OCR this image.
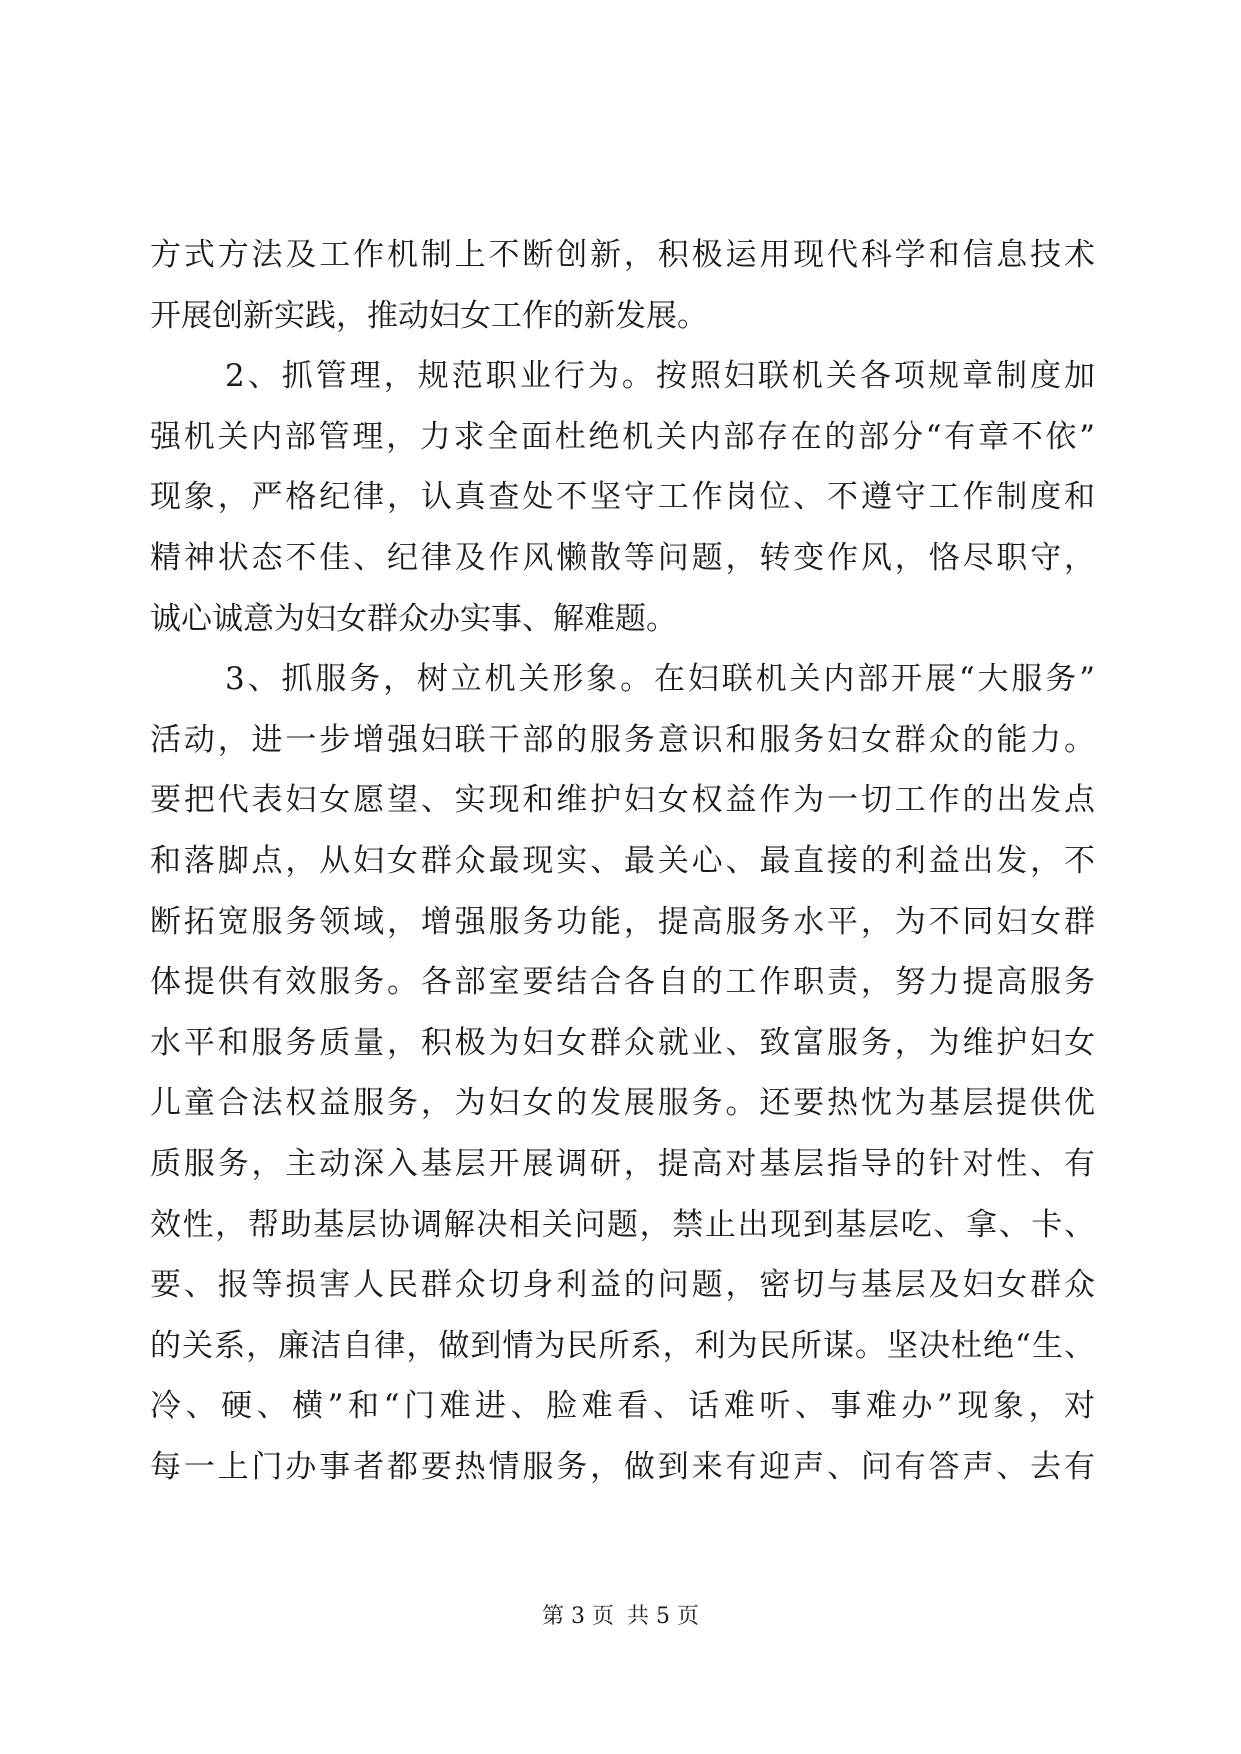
方式方法及工作机制上不断创新，积极运用现代科学和信息技术
开展创新实践，推动妇女工作的新发展。
2、抓管理，规范职业行为。按照妇联机关各项规章制度加
强机关内部管理，力求全面杜绝机关内部存在的部分“有章不依”
现象，严格纪律，认真查处不坚守工作岗位、不遵守工作制度和
精神状态不佳、纪律及作风懒散等问题，转变作风，恪尽职守，
诚心诚意为妇女群众办实事、解难题。
3、抓服务，树立机关形象。在妇联机关内部开展“大服务”
活动，进一步增强妇联干部的服务意识和服务妇女群众的能力。
要把代表妇女愿望、实现和维护妇女权益作为一切工作的出发点
和落脚点，从妇女群众最现实、最关心、最直接的利益出发，不
断拓宽服务领域，增强服务功能，提高服务水平，为不同妇女群
体提供有效服务。各部室要结合各自的工作职责，努力提高服务
水平和服务质量，积极为妇女群众就业、致富服务，为维护妇女
儿童合法权益服务，为妇女的发展服务。还要热忱为基层提供优
质服务，主动深入基层开展调研，提高对基层指导的针对性、有
效性，帮助基层协调解决相关问题，禁止出现到基层吃、拿、卡、
要、报等损害人民群众切身利益的问题，密切与基层及妇女群众
的关系，廉洁自律，做到情为民所系，利为民所谋。坚决杜绝“生、
冷、硬、横”和“门难进、脸难看、话难听、事难办”现象，对
每一上门办事者都要热情服务，做到来有迎声、问有答声、去有
第 3 页 共 5 页
